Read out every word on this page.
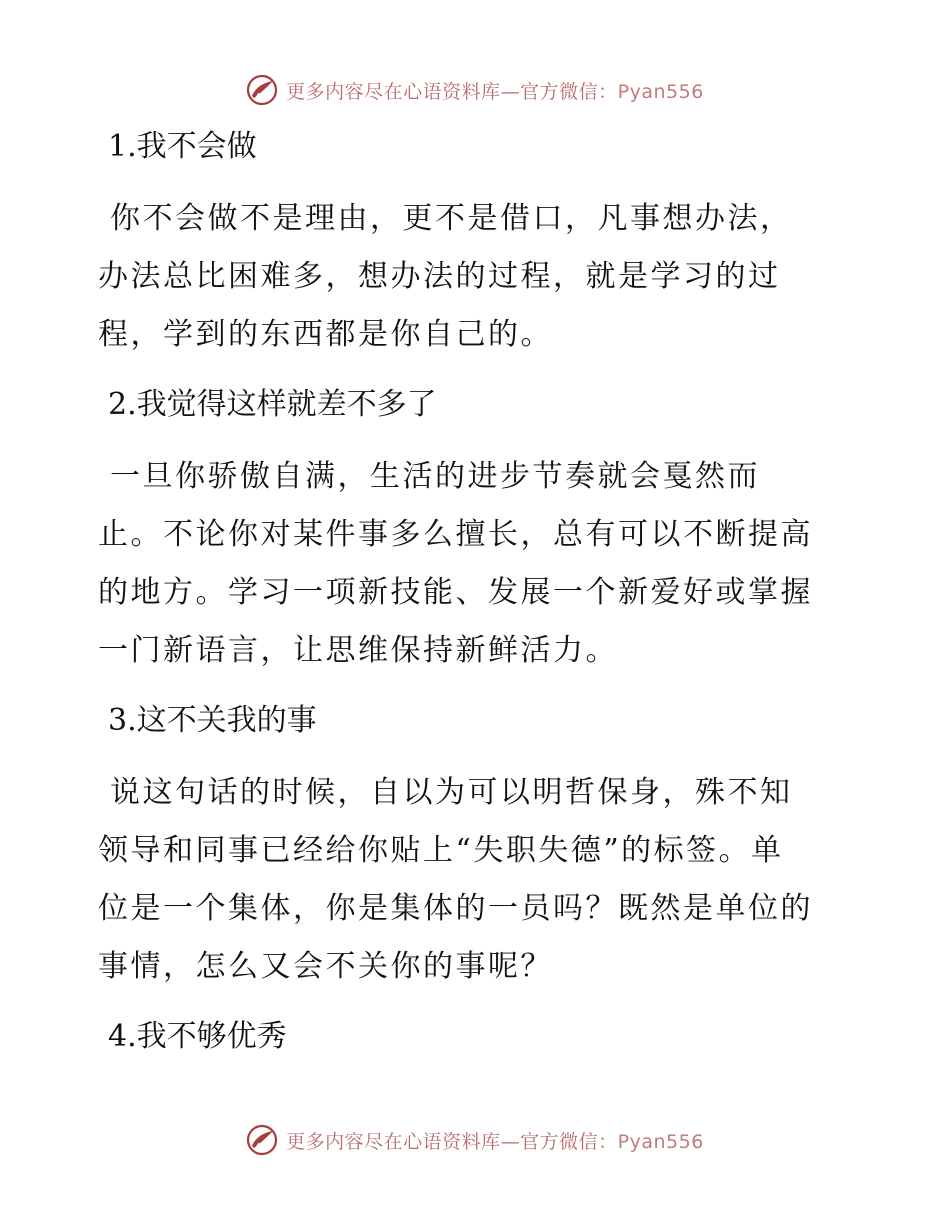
更多内容尽在心语资料库—官方微信：Pyan556
1.我不会做
你不会做不是理由，更不是借口，凡事想办法，
办法总比困难多，想办法的过程，就是学习的过
程，学到的东西都是你自己的。
2.我觉得这样就差不多了
一旦你骄傲自满，生活的进步节奏就会戛然而
止。不论你对某件事多么擅长，总有可以不断提高
的地方。学习一项新技能、发展一个新爱好或掌握
一门新语言，让思维保持新鲜活力。
3.这不关我的事
说这句话的时候，自以为可以明哲保身，殊不知
领导和同事已经给你贴上“失职失德”的标签。单
位是一个集体，你是集体的一员吗？既然是单位的
事情，怎么又会不关你的事呢？
4.我不够优秀
更多内容尽在心语资料库—官方微信：Pyan556
